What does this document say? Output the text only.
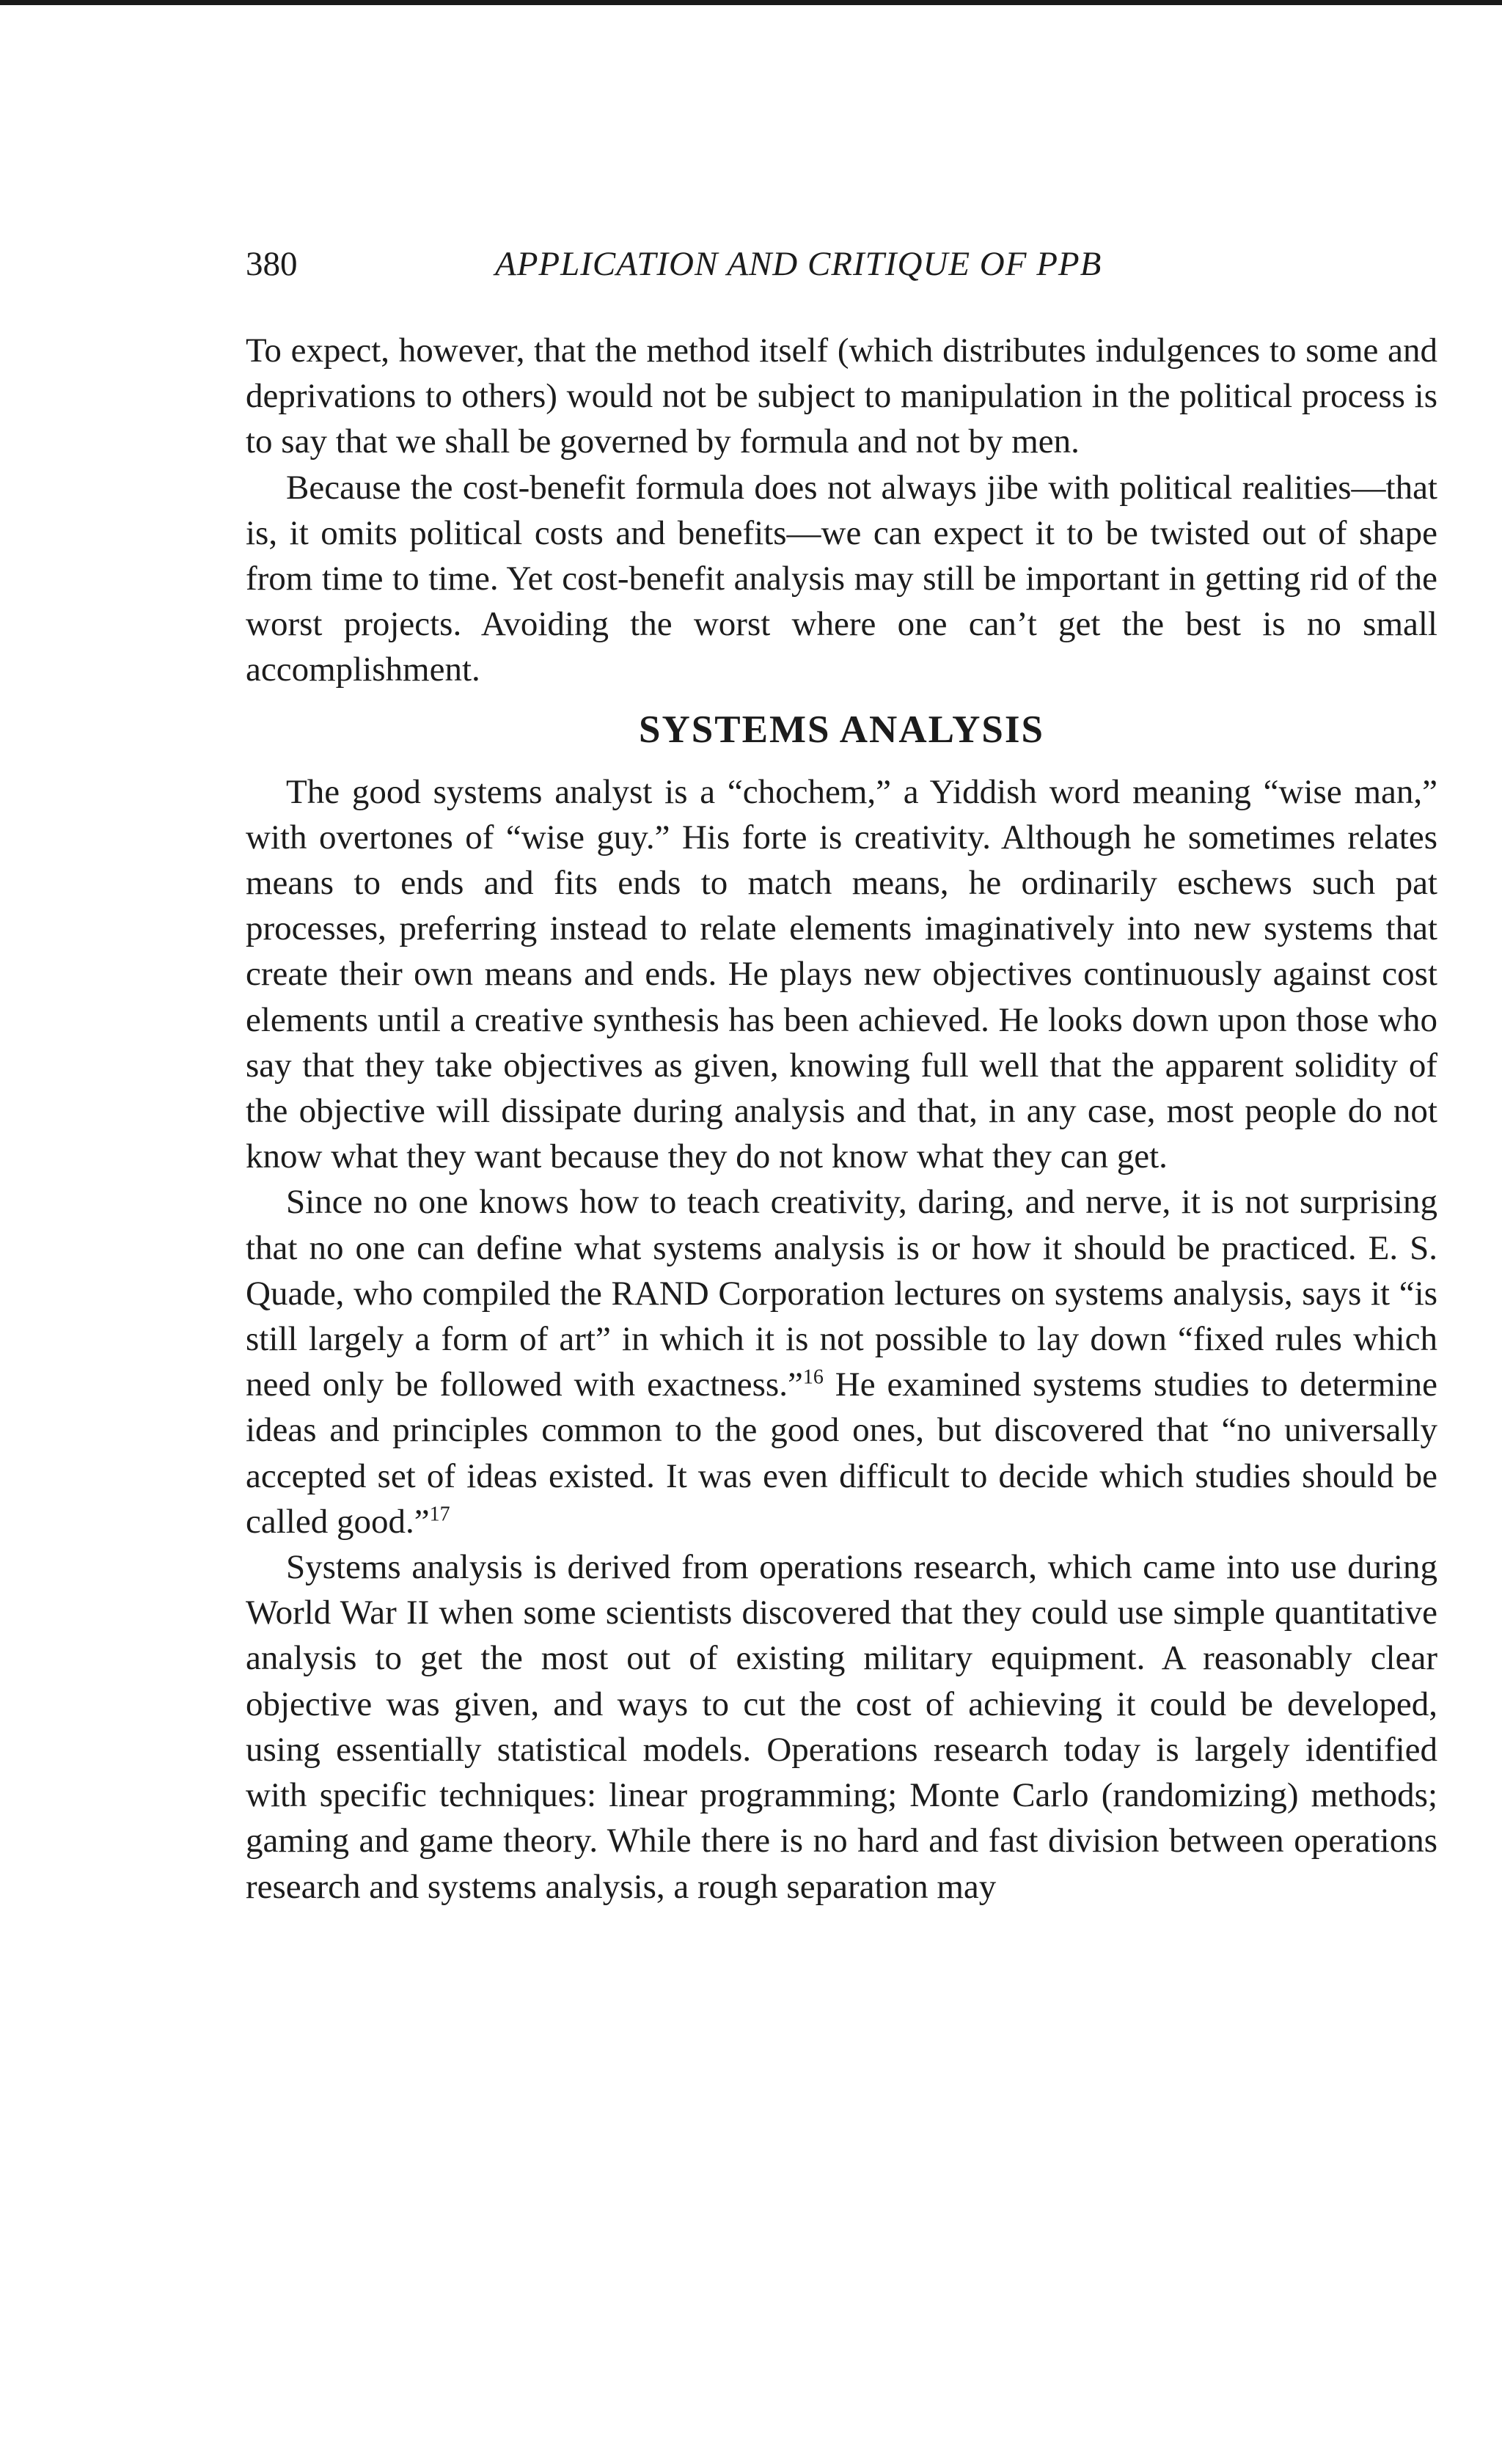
380	APPLICATION AND CRITIQUE OF PPB

To expect, however, that the method itself (which distributes indulgences to some and deprivations to others) would not be subject to manipulation in the political process is to say that we shall be governed by formula and not by men.

Because the cost-benefit formula does not always jibe with political realities—that is, it omits political costs and benefits—we can expect it to be twisted out of shape from time to time. Yet cost-benefit analysis may still be important in getting rid of the worst projects. Avoiding the worst where one can’t get the best is no small accomplishment.

SYSTEMS ANALYSIS

The good systems analyst is a “chochem,” a Yiddish word meaning “wise man,” with overtones of “wise guy.” His forte is creativity. Although he sometimes relates means to ends and fits ends to match means, he ordinarily eschews such pat processes, preferring instead to relate elements imaginatively into new systems that create their own means and ends. He plays new objectives continuously against cost elements until a creative synthesis has been achieved. He looks down upon those who say that they take objectives as given, knowing full well that the apparent solidity of the objective will dissipate during analysis and that, in any case, most people do not know what they want because they do not know what they can get.

Since no one knows how to teach creativity, daring, and nerve, it is not surprising that no one can define what systems analysis is or how it should be practiced. E. S. Quade, who compiled the RAND Corporation lectures on systems analysis, says it “is still largely a form of art” in which it is not possible to lay down “fixed rules which need only be followed with exactness.”$^{16}$ He examined systems studies to determine ideas and principles common to the good ones, but discovered that “no universally accepted set of ideas existed. It was even difficult to decide which studies should be called good.”$^{17}$

Systems analysis is derived from operations research, which came into use during World War II when some scientists discovered that they could use simple quantitative analysis to get the most out of existing military equipment. A reasonably clear objective was given, and ways to cut the cost of achieving it could be developed, using essentially statistical models. Operations research today is largely identified with specific techniques: linear programming; Monte Carlo (randomizing) methods; gaming and game theory. While there is no hard and fast division between operations research and systems analysis, a rough separation may
